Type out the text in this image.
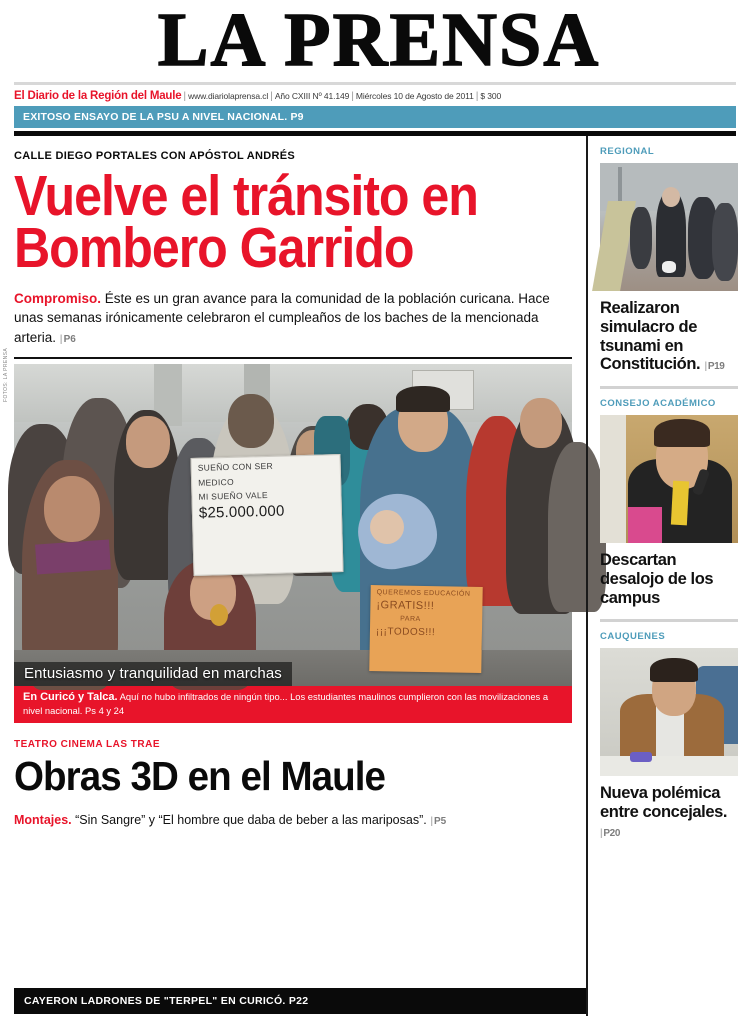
LA PRENSA
El Diario de la Región del Maule | www.diariolaprensa.cl | Año CXIII Nº 41.149 | Miércoles 10 de Agosto de 2011 | $ 300
EXITOSO ENSAYO DE LA PSU A NIVEL NACIONAL. P9
CALLE DIEGO PORTALES CON APÓSTOL ANDRÉS
Vuelve el tránsito en
Bombero Garrido
Compromiso. Éste es un gran avance para la comunidad de la población curicana. Hace unas semanas irónicamente celebraron el cumpleaños de los baches de la mencionada arteria. |P6
FOTOS: LA PRENSA
SUEÑO CON SER
MEDICO
MI SUEÑO VALE
$25.000.000
QUEREMOS EDUCACIÓN
¡GRATIS!!!
PARA
¡¡¡TODOS!!!
Entusiasmo y tranquilidad en marchas
En Curicó y Talca. Aquí no hubo infiltrados de ningún tipo... Los estudiantes maulinos cumplieron con las movilizaciones a nivel nacional. Ps 4 y 24
TEATRO CINEMA LAS TRAE
Obras 3D en el Maule
Montajes. “Sin Sangre” y “El hombre que daba de beber a las mariposas”. |P5
REGIONAL
Realizaron simulacro de tsunami en Constitución. |P19
CONSEJO ACADÉMICO
Descartan desalojo de los campus
CAUQUENES
Nueva polémica entre concejales. |P20
CAYERON LADRONES DE "TERPEL" EN CURICÓ. P22
